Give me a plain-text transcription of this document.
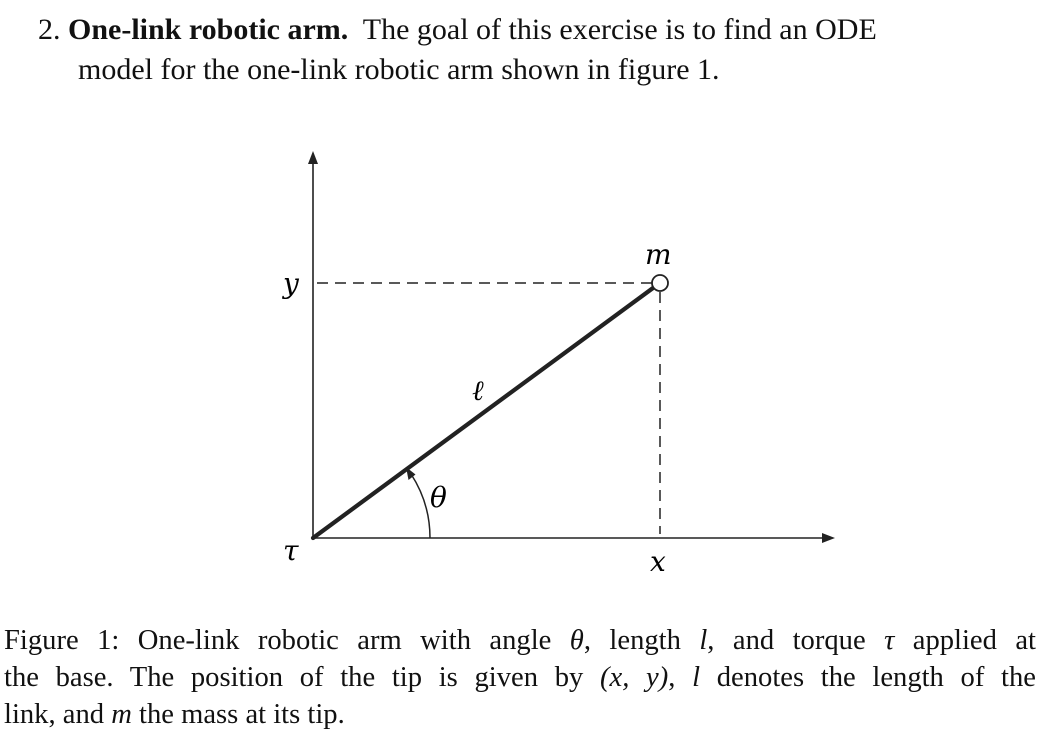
2. One-link robotic arm. The goal of this exercise is to find an ODE
model for the one-link robotic arm shown in figure 1.
y
x
m
ℓ
θ
τ
Figure 1: One-link robotic arm with angle θ, length l, and torque τ applied at
the base. The position of the tip is given by (x, y), l denotes the length of the
link, and m the mass at its tip.
